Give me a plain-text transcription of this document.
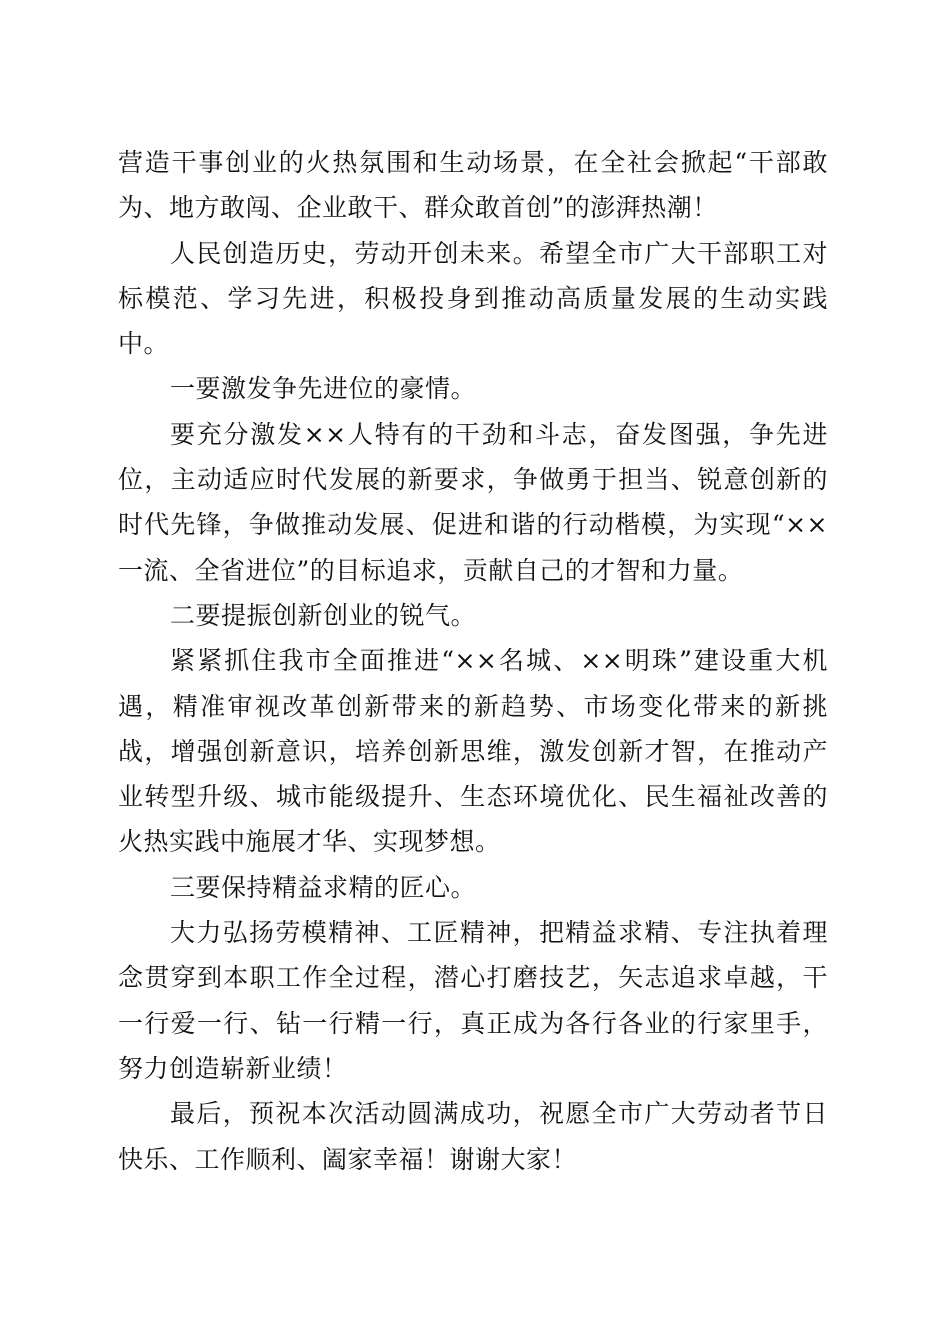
营造干事创业的火热氛围和生动场景，在全社会掀起“干部敢为、地方敢闯、企业敢干、群众敢首创”的澎湃热潮！

人民创造历史，劳动开创未来。希望全市广大干部职工对标模范、学习先进，积极投身到推动高质量发展的生动实践中。

一要激发争先进位的豪情。

要充分激发××人特有的干劲和斗志，奋发图强，争先进位，主动适应时代发展的新要求，争做勇于担当、锐意创新的时代先锋，争做推动发展、促进和谐的行动楷模，为实现“××一流、全省进位”的目标追求，贡献自己的才智和力量。

二要提振创新创业的锐气。

紧紧抓住我市全面推进“××名城、××明珠”建设重大机遇，精准审视改革创新带来的新趋势、市场变化带来的新挑战，增强创新意识，培养创新思维，激发创新才智，在推动产业转型升级、城市能级提升、生态环境优化、民生福祉改善的火热实践中施展才华、实现梦想。

三要保持精益求精的匠心。

大力弘扬劳模精神、工匠精神，把精益求精、专注执着理念贯穿到本职工作全过程，潜心打磨技艺，矢志追求卓越，干一行爱一行、钻一行精一行，真正成为各行各业的行家里手，努力创造崭新业绩！

最后，预祝本次活动圆满成功，祝愿全市广大劳动者节日快乐、工作顺利、阖家幸福！谢谢大家！
